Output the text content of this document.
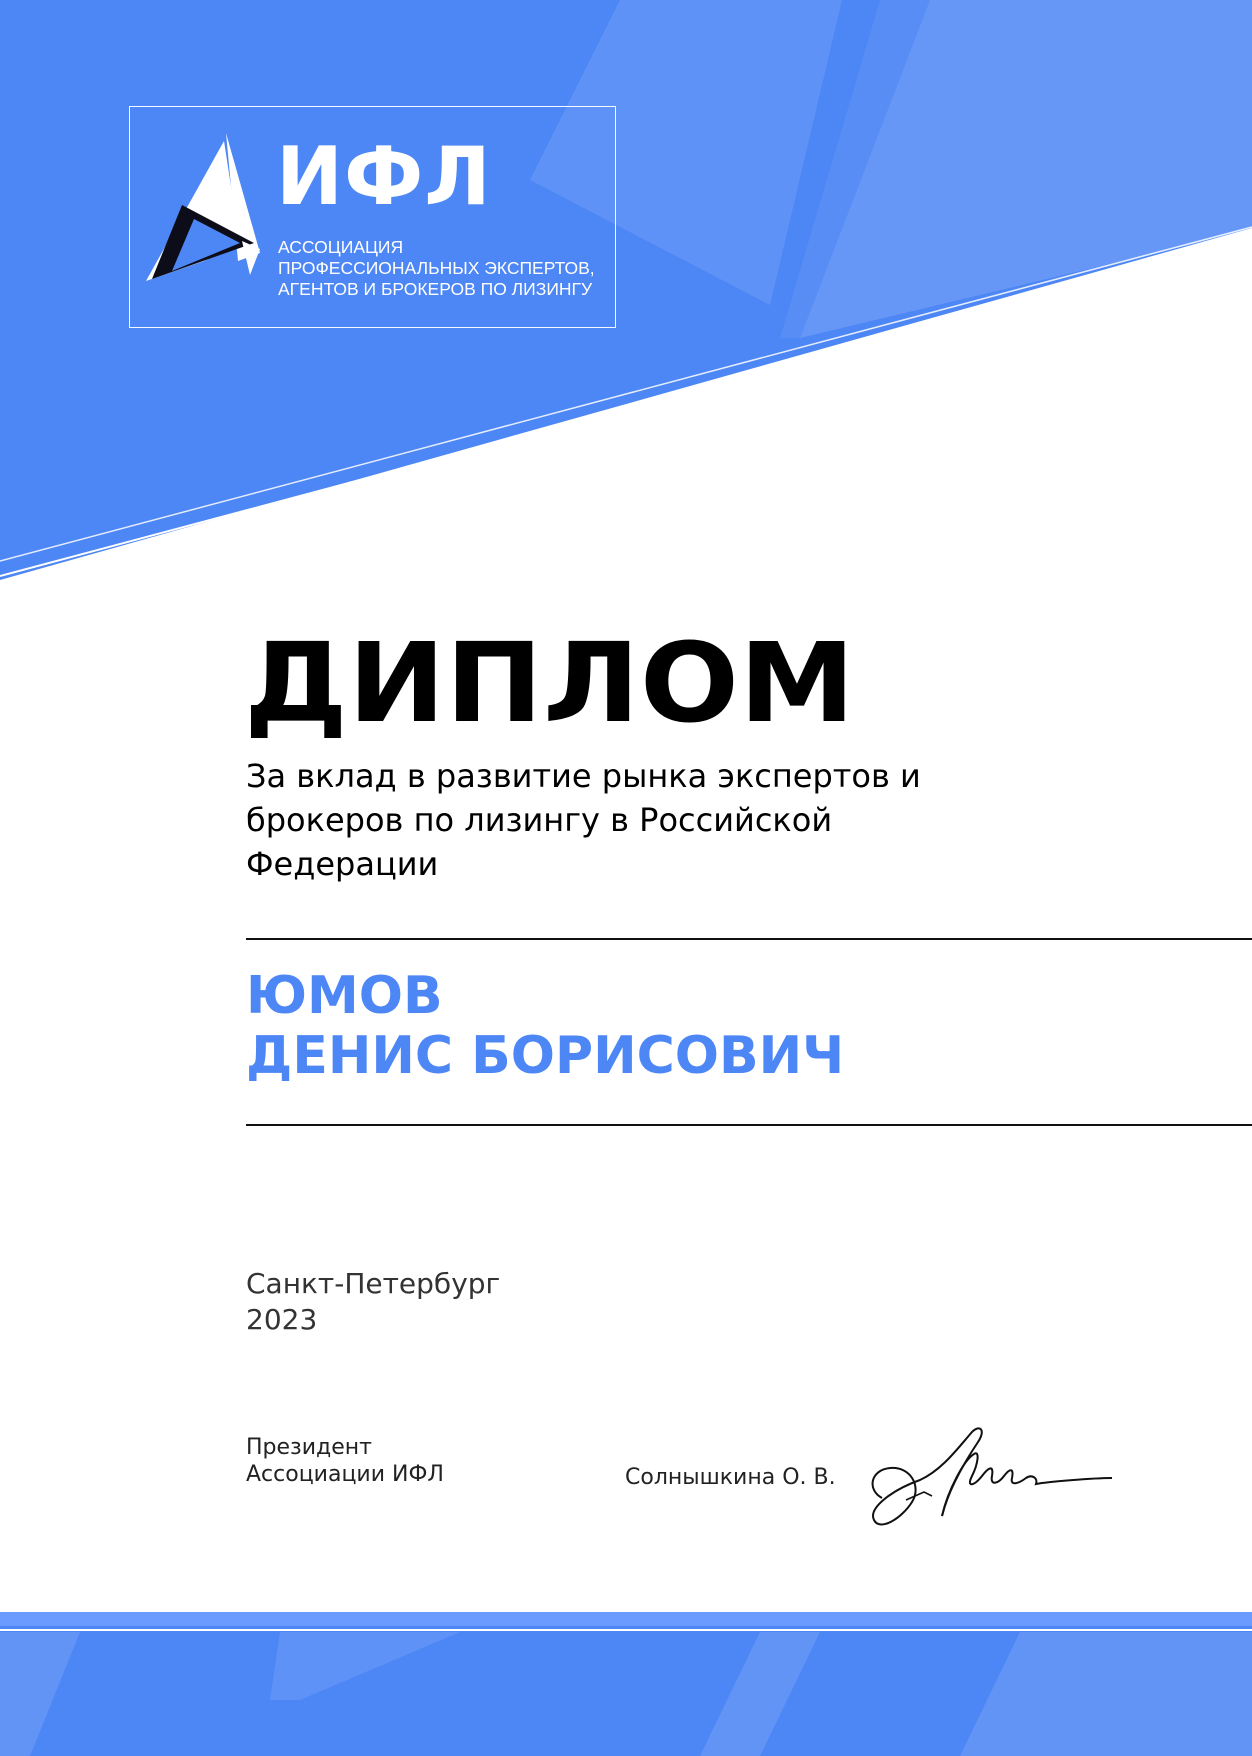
ИФЛ
АССОЦИАЦИЯ ПРОФЕССИОНАЛЬНЫХ ЭКСПЕРТОВ, АГЕНТОВ И БРОКЕРОВ ПО ЛИЗИНГУ
ДИПЛОМ
За вклад в развитие рынка экспертов и брокеров по лизингу в Российской Федерации
ЮМОВ
ДЕНИС БОРИСОВИЧ
Санкт-Петербург
2023
Президент
Ассоциации ИФЛ	Солнышкина О. В.
